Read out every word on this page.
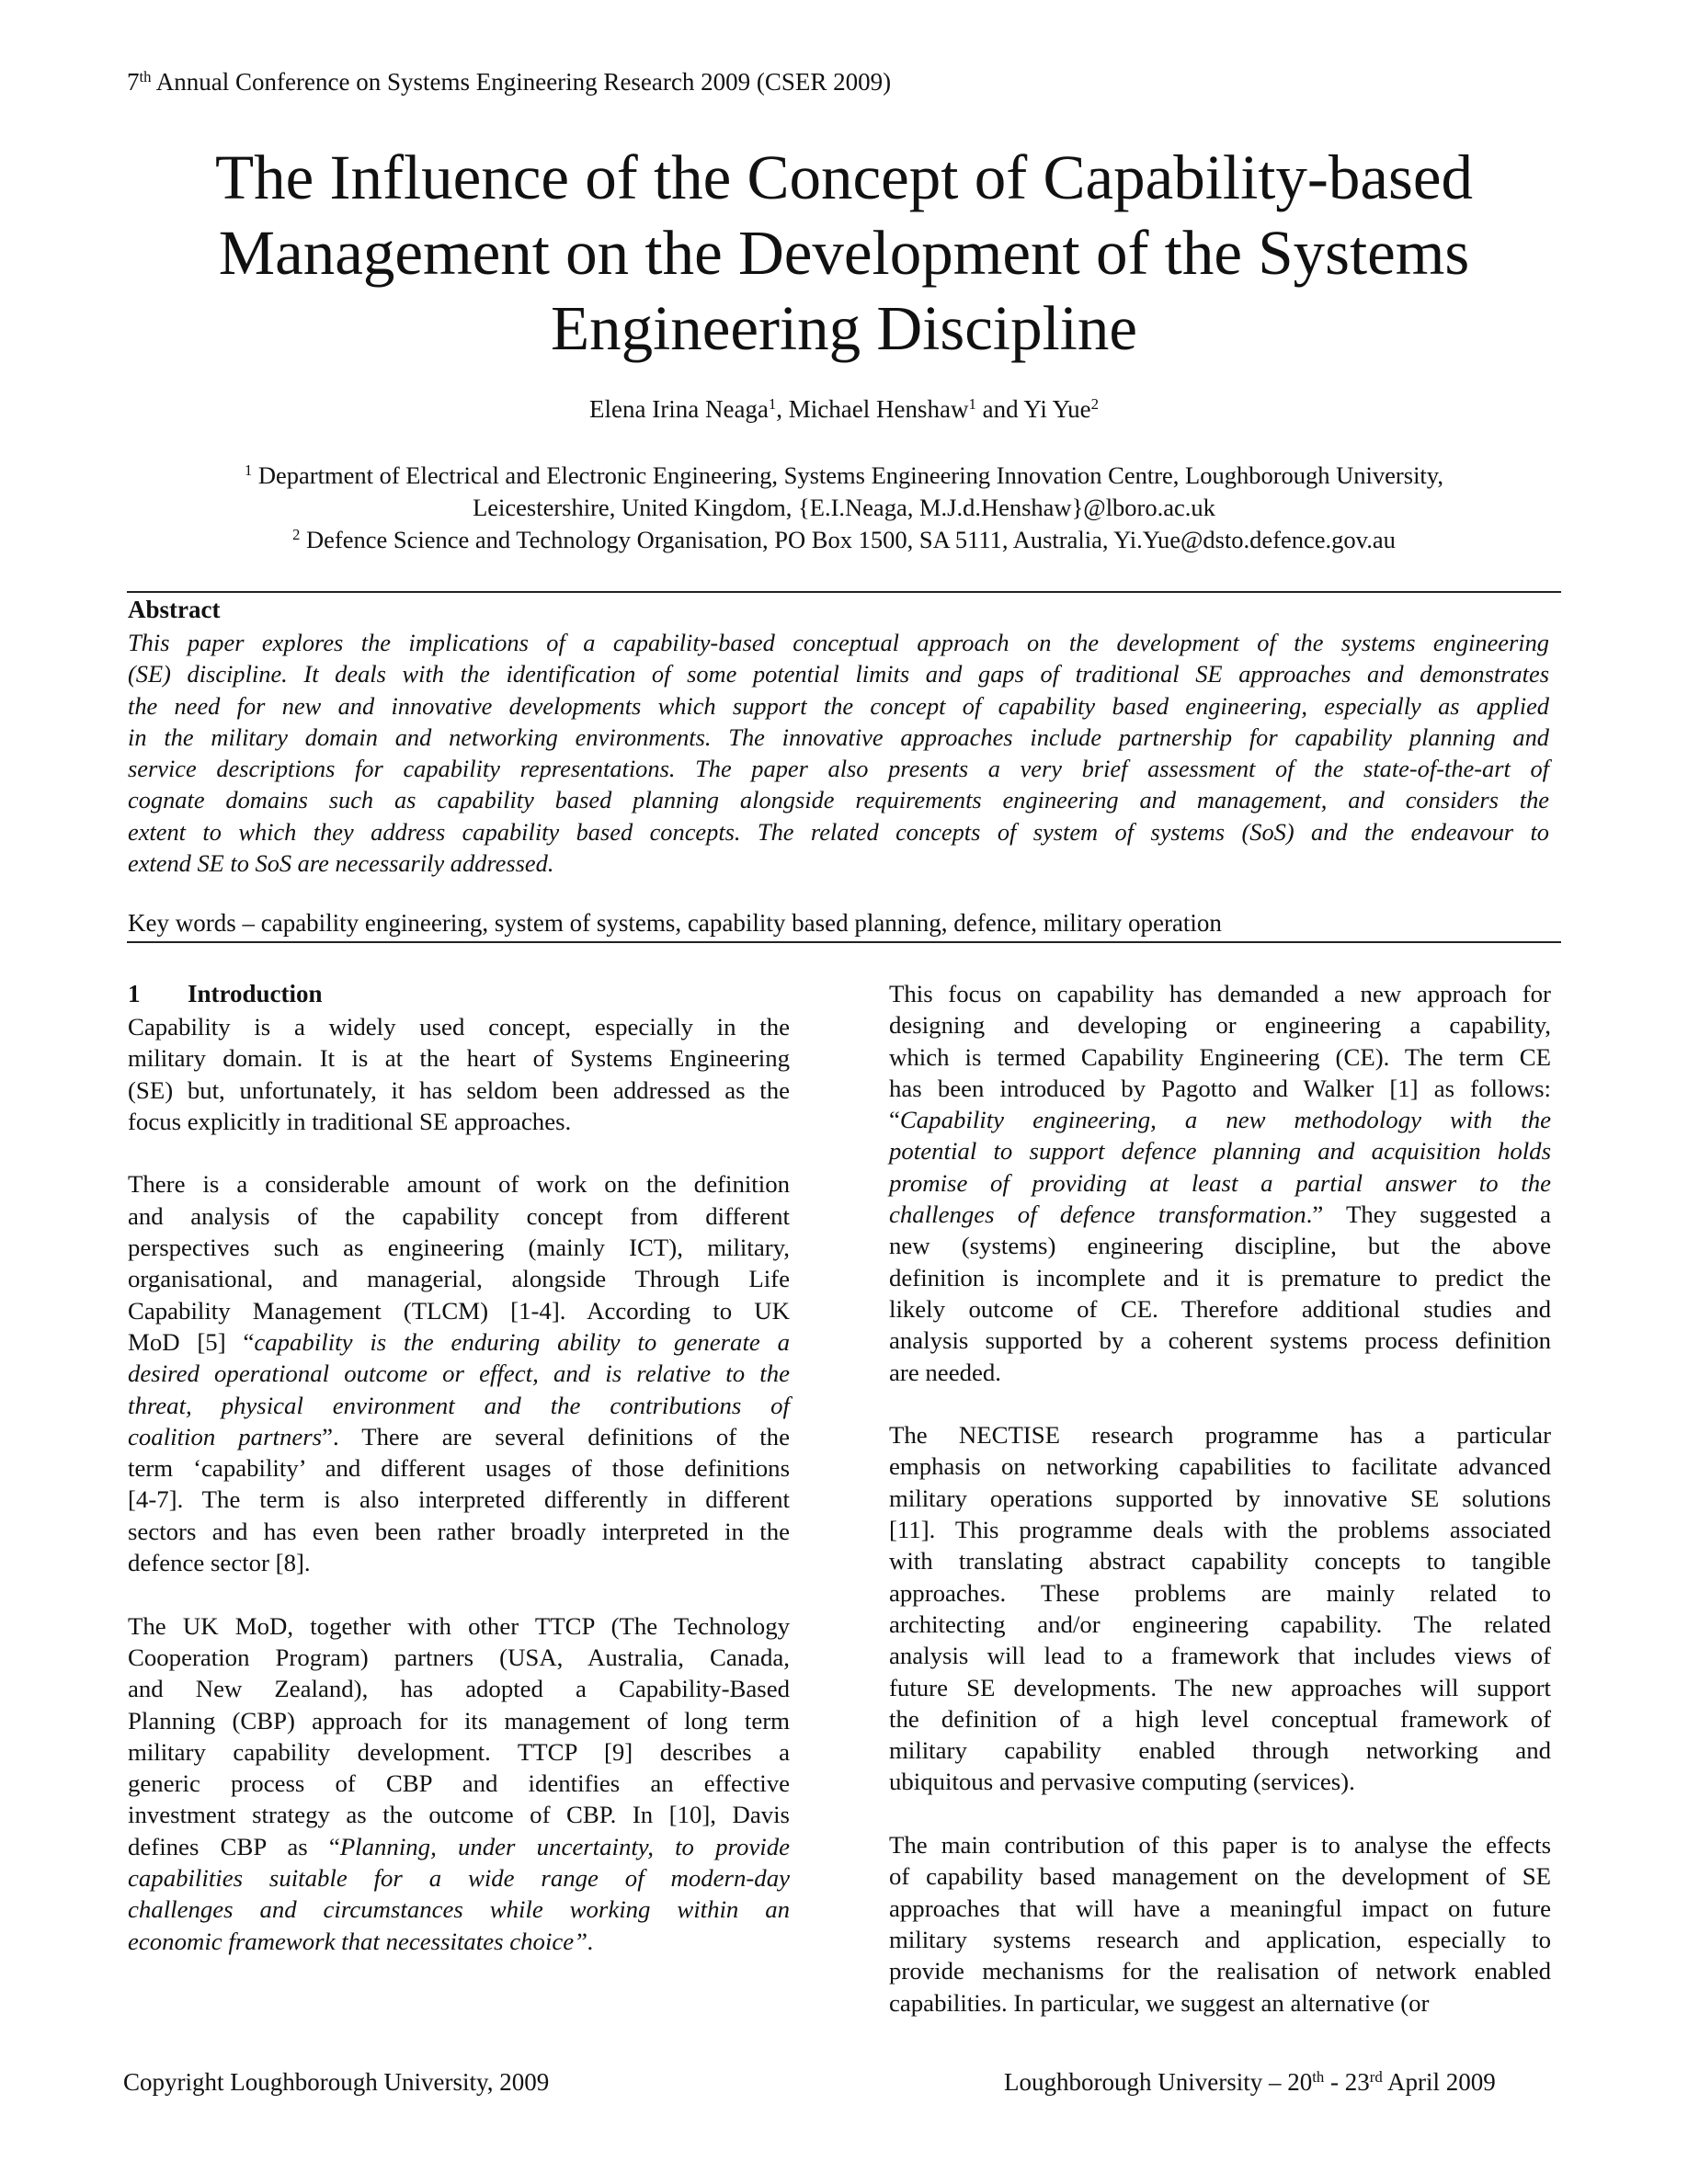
7th Annual Conference on Systems Engineering Research 2009 (CSER 2009)
The Influence of the Concept of Capability-based
Management on the Development of the Systems
Engineering Discipline
Elena Irina Neaga$^1$, Michael Henshaw$^1$ and Yi Yue$^2$
$^1$ Department of Electrical and Electronic Engineering, Systems Engineering Innovation Centre, Loughborough University,
Leicestershire, United Kingdom, {E.I.Neaga, M.J.d.Henshaw}@lboro.ac.uk
$^2$ Defence Science and Technology Organisation, PO Box 1500, SA 5111, Australia, Yi.Yue@dsto.defence.gov.au
Abstract
This paper explores the implications of a capability-based conceptual approach on the development of the systems engineering
(SE) discipline. It deals with the identification of some potential limits and gaps of traditional SE approaches and demonstrates
the need for new and innovative developments which support the concept of capability based engineering, especially as applied
in the military domain and networking environments. The innovative approaches include partnership for capability planning and
service descriptions for capability representations. The paper also presents a very brief assessment of the state-of-the-art of
cognate domains such as capability based planning alongside requirements engineering and management, and considers the
extent to which they address capability based concepts. The related concepts of system of systems (SoS) and the endeavour to
extend SE to SoS are necessarily addressed.
Key words – capability engineering, system of systems, capability based planning, defence, military operation
1 Introduction
Capability is a widely used concept, especially in the
military domain. It is at the heart of Systems Engineering
(SE) but, unfortunately, it has seldom been addressed as the
focus explicitly in traditional SE approaches.
There is a considerable amount of work on the definition
and analysis of the capability concept from different
perspectives such as engineering (mainly ICT), military,
organisational, and managerial, alongside Through Life
Capability Management (TLCM) [1-4]. According to UK
MoD [5] “capability is the enduring ability to generate a
desired operational outcome or effect, and is relative to the
threat, physical environment and the contributions of
coalition partners”. There are several definitions of the
term ‘capability’ and different usages of those definitions
[4-7]. The term is also interpreted differently in different
sectors and has even been rather broadly interpreted in the
defence sector [8].
The UK MoD, together with other TTCP (The Technology
Cooperation Program) partners (USA, Australia, Canada,
and New Zealand), has adopted a Capability-Based
Planning (CBP) approach for its management of long term
military capability development. TTCP [9] describes a
generic process of CBP and identifies an effective
investment strategy as the outcome of CBP. In [10], Davis
defines CBP as “Planning, under uncertainty, to provide
capabilities suitable for a wide range of modern-day
challenges and circumstances while working within an
economic framework that necessitates choice”.
This focus on capability has demanded a new approach for
designing and developing or engineering a capability,
which is termed Capability Engineering (CE). The term CE
has been introduced by Pagotto and Walker [1] as follows:
“Capability engineering, a new methodology with the
potential to support defence planning and acquisition holds
promise of providing at least a partial answer to the
challenges of defence transformation.” They suggested a
new (systems) engineering discipline, but the above
definition is incomplete and it is premature to predict the
likely outcome of CE. Therefore additional studies and
analysis supported by a coherent systems process definition
are needed.
The NECTISE research programme has a particular
emphasis on networking capabilities to facilitate advanced
military operations supported by innovative SE solutions
[11]. This programme deals with the problems associated
with translating abstract capability concepts to tangible
approaches. These problems are mainly related to
architecting and/or engineering capability. The related
analysis will lead to a framework that includes views of
future SE developments. The new approaches will support
the definition of a high level conceptual framework of
military capability enabled through networking and
ubiquitous and pervasive computing (services).
The main contribution of this paper is to analyse the effects
of capability based management on the development of SE
approaches that will have a meaningful impact on future
military systems research and application, especially to
provide mechanisms for the realisation of network enabled
capabilities. In particular, we suggest an alternative (or
Copyright Loughborough University, 2009	Loughborough University – 20th - 23rd April 2009
